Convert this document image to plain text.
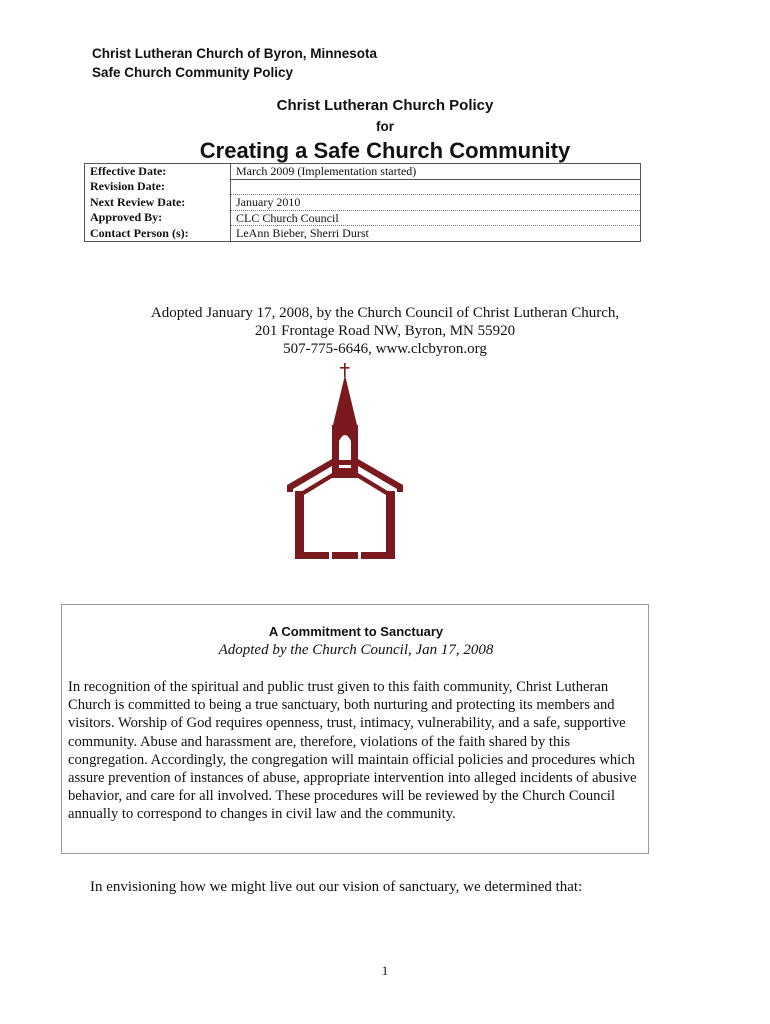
Christ Lutheran Church of Byron, Minnesota
Safe Church Community Policy
Christ Lutheran Church Policy
for
Creating a Safe Church Community
Effective Date:	March 2009 (Implementation started)
Revision Date:	
Next Review Date:	January 2010
Approved By:	CLC Church Council
Contact Person (s):	LeAnn Bieber, Sherri Durst
Adopted January 17, 2008, by the Church Council of Christ Lutheran Church,
201 Frontage Road NW, Byron, MN 55920
507-775-6646, www.clcbyron.org
A Commitment to Sanctuary
Adopted by the Church Council, Jan 17, 2008
In recognition of the spiritual and public trust given to this faith community, Christ Lutheran Church is committed to being a true sanctuary, both nurturing and protecting its members and visitors. Worship of God requires openness, trust, intimacy, vulnerability, and a safe, supportive community. Abuse and harassment are, therefore, violations of the faith shared by this congregation. Accordingly, the congregation will maintain official policies and procedures which assure prevention of instances of abuse, appropriate intervention into alleged incidents of abusive behavior, and care for all involved. These procedures will be reviewed by the Church Council annually to correspond to changes in civil law and the community.
In envisioning how we might live out our vision of sanctuary, we determined that:
1
